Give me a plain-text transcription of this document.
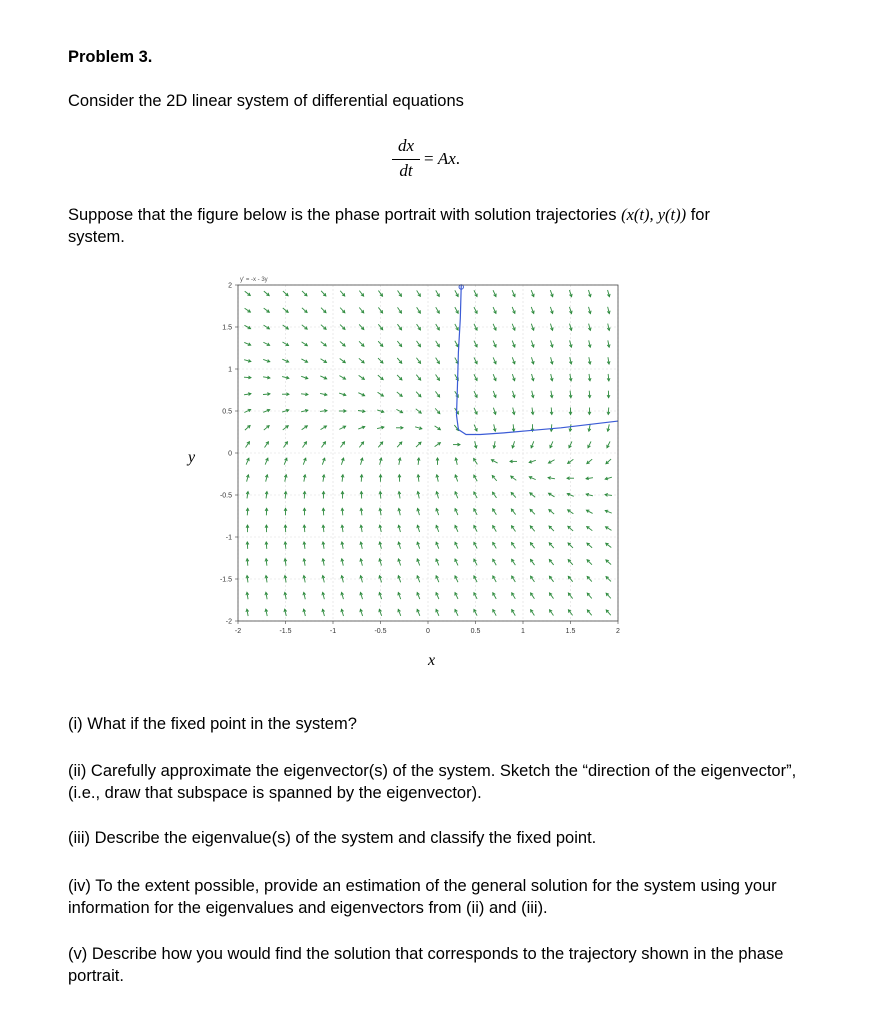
Problem 3.
Consider the 2D linear system of differential equations
dx
dt
= Ax.
Suppose that the figure below is the phase portrait with solution trajectories (x(t), y(t)) for
system.
y' = -x - 3y
-2	-1.5	-1	-0.5	0	0.5	1	1.5	2
2
1.5
1
0.5
0
-0.5
-1
-1.5
-2
x
y
(i) What if the fixed point in the system?
(ii) Carefully approximate the eigenvector(s) of the system. Sketch the “direction of the eigenvector”, (i.e., draw that subspace is spanned by the eigenvector).
(iii) Describe the eigenvalue(s) of the system and classify the fixed point.
(iv) To the extent possible, provide an estimation of the general solution for the system using your information for the eigenvalues and eigenvectors from (ii) and (iii).
(v) Describe how you would find the solution that corresponds to the trajectory shown in the phase portrait.
